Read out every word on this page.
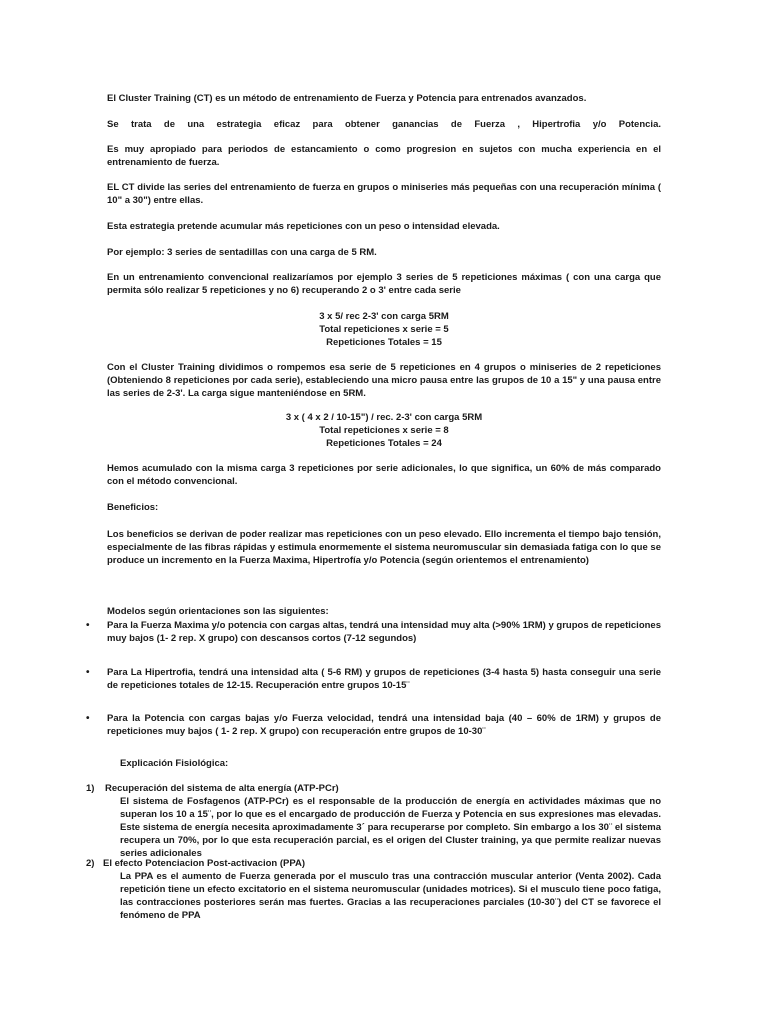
El Cluster Training (CT) es un método de entrenamiento de Fuerza y Potencia para entrenados avanzados.

Se trata de una estrategia eficaz para obtener ganancias de Fuerza , Hipertrofia y/o Potencia.

Es muy apropiado para periodos de estancamiento o como progresion en sujetos con mucha experiencia en el entrenamiento de fuerza.

EL CT divide las series del entrenamiento de fuerza en grupos o miniseries más pequeñas con una recuperación mínima ( 10" a 30") entre ellas.

Esta estrategia pretende acumular más repeticiones con un peso o intensidad elevada.

Por ejemplo: 3 series de sentadillas con una carga de 5 RM.

En un entrenamiento convencional realizaríamos por ejemplo 3 series de 5 repeticiones máximas ( con una carga que permita sólo realizar 5 repeticiones y no 6) recuperando 2 o 3' entre cada serie

3 x 5/ rec 2-3' con carga 5RM
Total repeticiones x serie = 5
Repeticiones Totales = 15

Con el Cluster Training dividimos o rompemos esa serie de 5 repeticiones en 4 grupos o miniseries de 2 repeticiones (Obteniendo 8 repeticiones por cada serie), estableciendo una micro pausa entre las grupos de 10 a 15" y una pausa entre las series de 2-3'. La carga sigue manteniéndose en 5RM.

3 x ( 4 x 2 / 10-15") / rec. 2-3' con carga 5RM
Total repeticiones x serie = 8
Repeticiones Totales = 24

Hemos acumulado con la misma carga 3 repeticiones por serie adicionales, lo que significa, un 60% de más comparado con el método convencional.

Beneficios:

Los beneficios se derivan de poder realizar mas repeticiones con un peso elevado. Ello incrementa el tiempo bajo tensión, especialmente de las fibras rápidas y estimula enormemente el sistema neuromuscular sin demasiada fatiga con lo que se produce un incremento en la Fuerza Maxima, Hipertrofía y/o Potencia (según orientemos el entrenamiento)

Modelos según orientaciones son las siguientes:

• Para la Fuerza Maxima y/o potencia con cargas altas, tendrá una intensidad muy alta (>90% 1RM) y grupos de repeticiones muy bajos (1- 2 rep. X grupo) con descansos cortos (7-12 segundos)

• Para La Hipertrofia, tendrá una intensidad alta ( 5-6 RM) y grupos de repeticiones (3-4 hasta 5) hasta conseguir una serie de repeticiones totales de 12-15. Recuperación entre grupos 10-15¨

• Para la Potencia con cargas bajas y/o Fuerza velocidad, tendrá una intensidad baja (40 – 60% de 1RM) y grupos de repeticiones muy bajos ( 1- 2 rep. X grupo) con recuperación entre grupos de 10-30¨

Explicación Fisiológica:

1) Recuperación del sistema de alta energía (ATP-PCr)

El sistema de Fosfagenos (ATP-PCr) es el responsable de la producción de energía en actividades máximas que no superan los 10 a 15¨, por lo que es el encargado de producción de Fuerza y Potencia en sus expresiones mas elevadas. Este sistema de energía necesita aproximadamente 3´ para recuperarse por completo. Sin embargo a los 30¨ el sistema recupera un 70%, por lo que esta recuperación parcial, es el origen del Cluster training, ya que permite realizar nuevas series adicionales

2) El efecto Potenciacion Post-activacion (PPA)

La PPA es el aumento de Fuerza generada por el musculo tras una contracción muscular anterior (Venta 2002). Cada repetición tiene un efecto excitatorio en el sistema neuromuscular (unidades motrices). Si el musculo tiene poco fatiga, las contracciones posteriores serán mas fuertes. Gracias a las recuperaciones parciales (10-30¨) del CT se favorece el fenómeno de PPA
